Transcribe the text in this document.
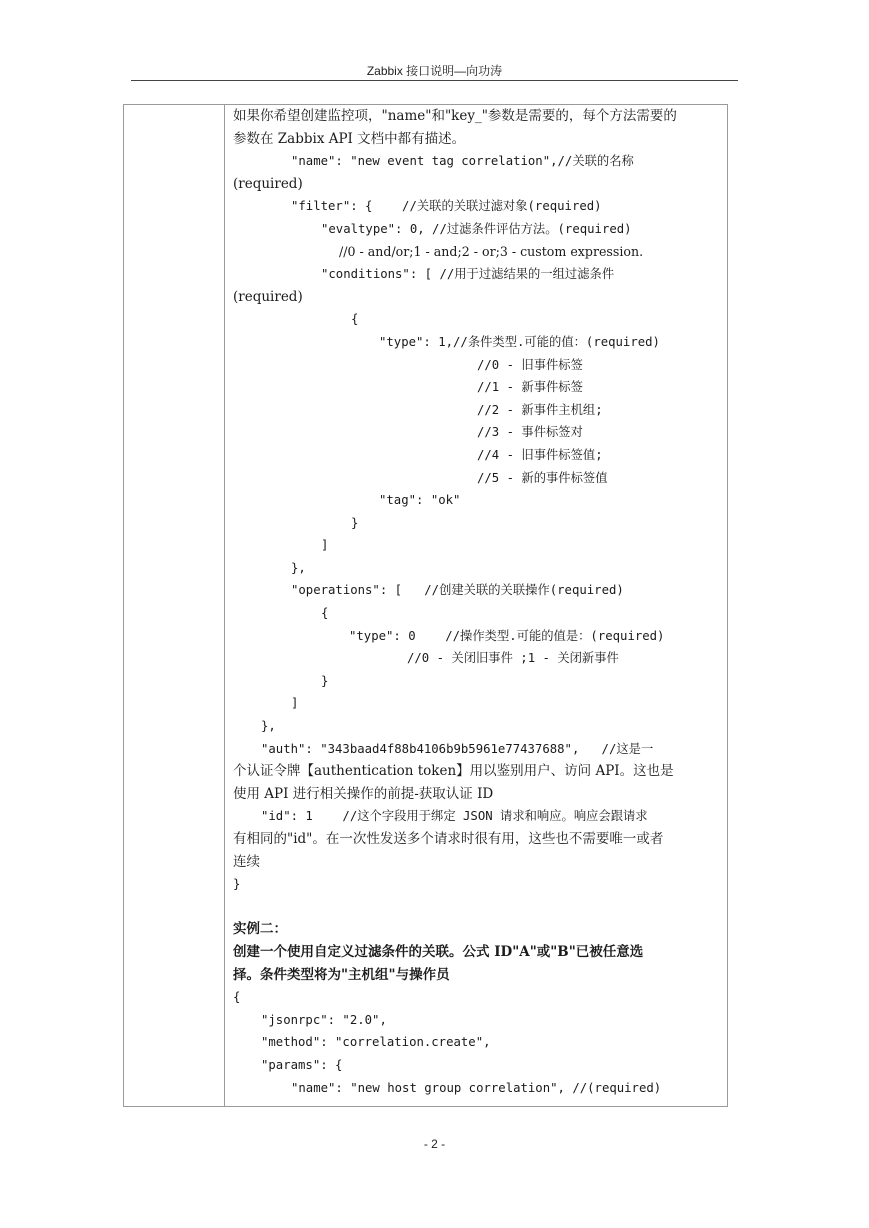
Zabbix 接口说明—向功涛
如果你希望创建监控项，"name"和"key_"参数是需要的，每个方法需要的
参数在 Zabbix API 文档中都有描述。
"name": "new event tag correlation",//关联的名称
(required)
"filter": {    //关联的关联过滤对象(required)
"evaltype": 0, //过滤条件评估方法。(required)
//0 - and/or;1 - and;2 - or;3 - custom expression.
"conditions": [ //用于过滤结果的一组过滤条件
(required)
{
"type": 1,//条件类型.可能的值：(required)
//0 - 旧事件标签
//1 - 新事件标签
//2 - 新事件主机组;
//3 - 事件标签对
//4 - 旧事件标签值;
//5 - 新的事件标签值
"tag": "ok"
}
]
},
"operations": [   //创建关联的关联操作(required)
{
"type": 0    //操作类型.可能的值是：(required)
//0 - 关闭旧事件 ;1 - 关闭新事件
}
]
},
"auth": "343baad4f88b4106b9b5961e77437688",   //这是一
个认证令牌【authentication token】用以鉴别用户、访问 API。这也是
使用 API 进行相关操作的前提-获取认证 ID
"id": 1    //这个字段用于绑定 JSON 请求和响应。响应会跟请求
有相同的"id"。在一次性发送多个请求时很有用，这些也不需要唯一或者
连续
}
实例二：
创建一个使用自定义过滤条件的关联。公式 ID"A"或"B"已被任意选
择。条件类型将为"主机组"与操作员
{
"jsonrpc": "2.0",
"method": "correlation.create",
"params": {
"name": "new host group correlation", //(required)
- 2 -
